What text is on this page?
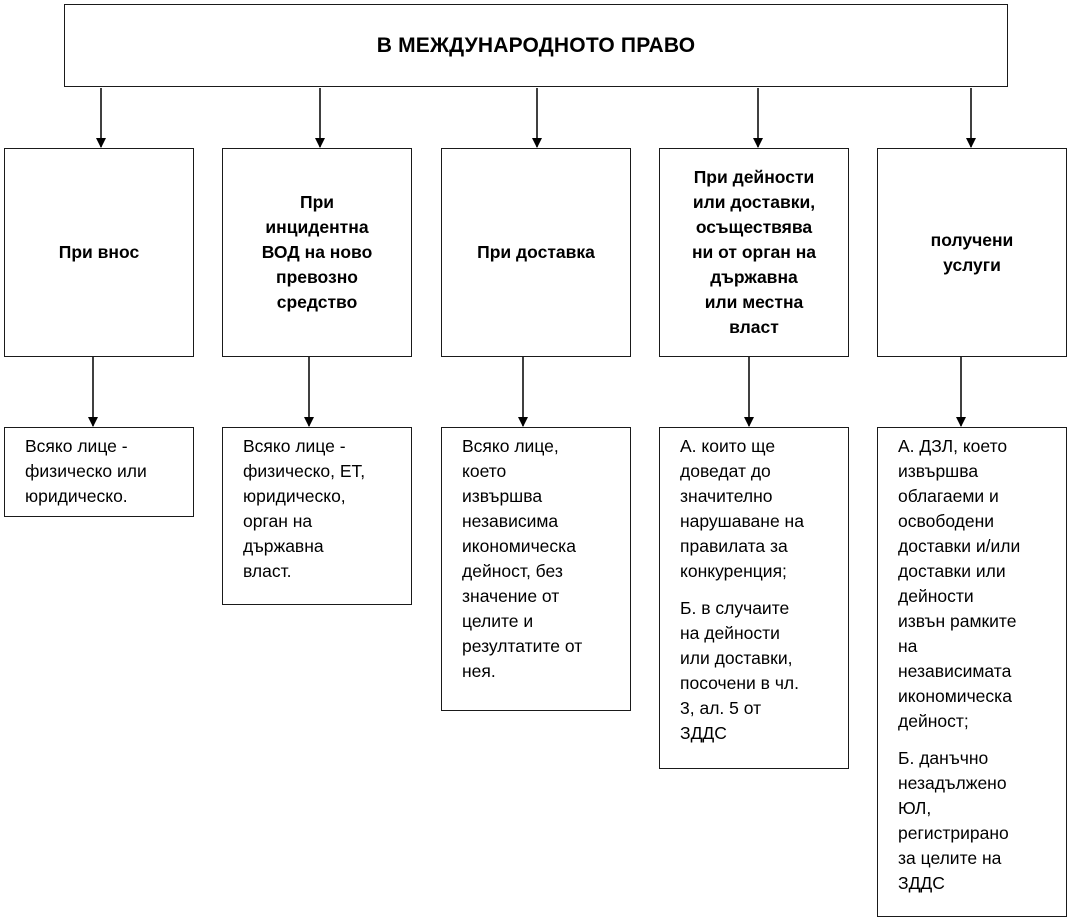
В МЕЖДУНАРОДНОТО ПРАВО
При внос
При
инцидентна
ВОД на ново
превозно
средство
При доставка
При дейности
или доставки,
осъществява
ни от орган на
държавна
или местна
власт
получени
услуги

Всяко лице -
физическо или
юридическо.

Всяко лице -
физическо, ЕТ,
юридическо,
орган на
държавна
власт.

Всяко лице,
което
извършва
независима
икономическа
дейност, без
значение от
целите и
резултатите от
нея.

А. които ще
доведат до
значително
нарушаване на
правилата за
конкуренция;

Б. в случаите
на дейности
или доставки,
посочени в чл.
3, ал. 5 от
ЗДДС

А. ДЗЛ, което
извършва
облагаеми и
освободени
доставки и/или
доставки или
дейности
извън рамките
на
независимата
икономическа
дейност;

Б. данъчно
незадължено
ЮЛ,
регистрирано
за целите на
ЗДДС
